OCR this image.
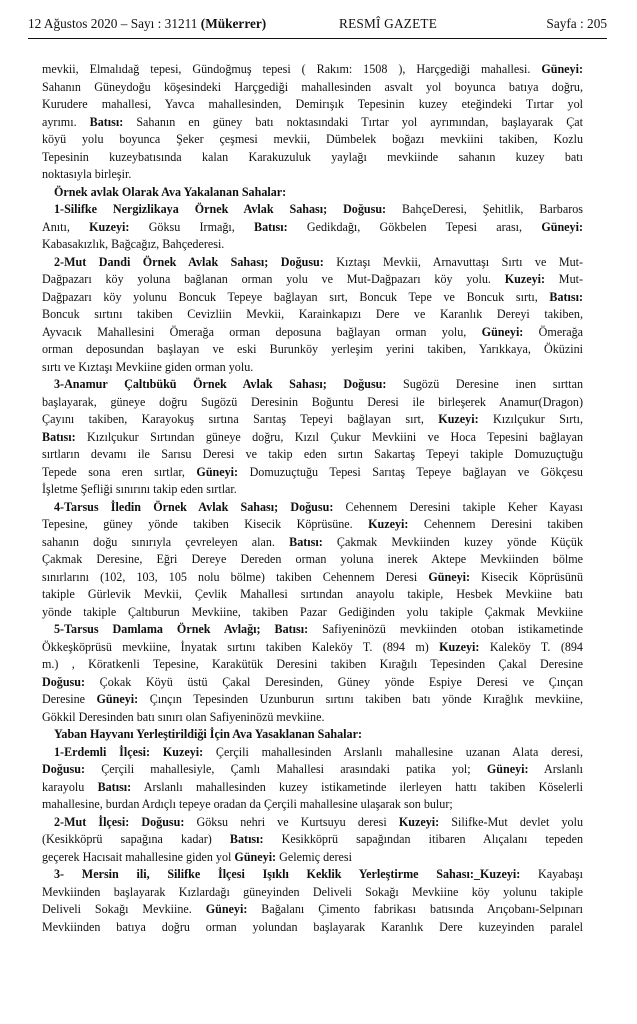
12 Ağustos 2020 – Sayı : 31211 (Mükerrer)	RESMÎ GAZETE	Sayfa : 205
mevkii, Elmalıdağ tepesi, Gündoğmuş tepesi ( Rakım: 1508 ), Harçgediği mahallesi. Güneyi:
Sahanın Güneydoğu köşesindeki Harçgediği mahallesinden asvalt yol boyunca batıya doğru,
Kurudere mahallesi, Yavca mahallesinden, Demirışık Tepesinin kuzey eteğindeki Tırtar yol
ayrımı. Batısı: Sahanın en güney batı noktasındaki Tırtar yol ayrımından, başlayarak Çat
köyü yolu boyunca Şeker çeşmesi mevkii, Dümbelek boğazı mevkiini takiben, Kozlu
Tepesinin kuzeybatısında kalan Karakuzuluk yaylağı mevkiinde sahanın kuzey batı
noktasıyla birleşir.
Örnek avlak Olarak Ava Yakalanan Sahalar:
1-Silifke Nergizlikaya Örnek Avlak Sahası; Doğusu: BahçeDeresi, Şehitlik, Barbaros
Anıtı, Kuzeyi: Göksu Irmağı, Batısı: Gedikdağı, Gökbelen Tepesi arası, Güneyi:
Kabasakızlık, Bağcağız, Bahçederesi.
2-Mut Dandi Örnek Avlak Sahası; Doğusu: Kıztaşı Mevkii, Arnavuttaşı Sırtı ve Mut-
Dağpazarı köy yoluna bağlanan orman yolu ve Mut-Dağpazarı köy yolu. Kuzeyi: Mut-
Dağpazarı köy yolunu Boncuk Tepeye bağlayan sırt, Boncuk Tepe ve Boncuk sırtı, Batısı:
Boncuk sırtını takiben Cevizliin Mevkii, Karainkapızı Dere ve Karanlık Dereyi takiben,
Ayvacık Mahallesini Ömerağa orman deposuna bağlayan orman yolu, Güneyi: Ömerağa
orman deposundan başlayan ve eski Burunköy yerleşim yerini takiben, Yarıkkaya, Öküzini
sırtı ve Kıztaşı Mevkiine giden orman yolu.
3-Anamur Çaltıbükü Örnek Avlak Sahası; Doğusu: Sugözü Deresine inen sırttan
başlayarak, güneye doğru Sugözü Deresinin Boğuntu Deresi ile birleşerek Anamur(Dragon)
Çayını takiben, Karayokuş sırtına Sarıtaş Tepeyi bağlayan sırt, Kuzeyi: Kızılçukur Sırtı,
Batısı: Kızılçukur Sırtından güneye doğru, Kızıl Çukur Mevkiini ve Hoca Tepesini bağlayan
sırtların devamı ile Sarısu Deresi ve takip eden sırtın Sakartaş Tepeyi takiple Domuzuçtuğu
Tepede sona eren sırtlar, Güneyi: Domuzuçtuğu Tepesi Sarıtaş Tepeye bağlayan ve Gökçesu
İşletme Şefliği sınırını takip eden sırtlar.
4-Tarsus İledin Örnek Avlak Sahası; Doğusu: Cehennem Deresini takiple Keher Kayası
Tepesine, güney yönde takiben Kisecik Köprüsüne. Kuzeyi: Cehennem Deresini takiben
sahanın doğu sınırıyla çevreleyen alan. Batısı: Çakmak Mevkiinden kuzey yönde Küçük
Çakmak Deresine, Eğri Dereye Dereden orman yoluna inerek Aktepe Mevkiinden bölme
sınırlarını (102, 103, 105 nolu bölme) takiben Cehennem Deresi Güneyi: Kisecik Köprüsünü
takiple Gürlevik Mevkii, Çevlik Mahallesi sırtından anayolu takiple, Hesbek Mevkiine batı
yönde takiple Çaltıburun Mevkiine, takiben Pazar Gediğinden yolu takiple Çakmak Mevkiine
5-Tarsus Damlama Örnek Avlağı; Batısı: Safiyeninözü mevkiinden otoban istikametinde
Ökkeşköprüsü mevkiine, İnyatak sırtını takiben Kaleköy T. (894 m) Kuzeyi: Kaleköy T. (894
m.) , Köratkenli Tepesine, Karakütük Deresini takiben Kırağılı Tepesinden Çakal Deresine
Doğusu: Çokak Köyü üstü Çakal Deresinden, Güney yönde Espiye Deresi ve Çınçan
Deresine Güneyi: Çınçın Tepesinden Uzunburun sırtını takiben batı yönde Kırağlık mevkiine,
Gökkil Deresinden batı sınırı olan Safiyeninözü mevkiine.
Yaban Hayvanı Yerleştirildiği İçin Ava Yasaklanan Sahalar:
1-Erdemli İlçesi: Kuzeyi: Çerçili mahallesinden Arslanlı mahallesine uzanan Alata deresi,
Doğusu: Çerçili mahallesiyle, Çamlı Mahallesi arasındaki patika yol; Güneyi: Arslanlı
karayolu Batısı: Arslanlı mahallesinden kuzey istikametinde ilerleyen hattı takiben Köselerli
mahallesine, burdan Ardıçlı tepeye oradan da Çerçili mahallesine ulaşarak son bulur;
2-Mut İlçesi: Doğusu: Göksu nehri ve Kurtsuyu deresi Kuzeyi: Silifke-Mut devlet yolu
(Kesikköprü sapağına kadar) Batısı: Kesikköprü sapağından itibaren Alıçalanı tepeden
geçerek Hacısait mahallesine giden yol Güneyi: Gelemiç deresi
3- Mersin ili, Silifke İlçesi Işıklı Keklik Yerleştirme Sahası:_Kuzeyi: Kayabaşı
Mevkiinden başlayarak Kızlardağı güneyinden Deliveli Sokağı Mevkiine köy yolunu takiple
Deliveli Sokağı Mevkiine. Güneyi: Bağalanı Çimento fabrikası batısında Arıçobanı-Selpınarı
Mevkiinden batıya doğru orman yolundan başlayarak Karanlık Dere kuzeyinden paralel
